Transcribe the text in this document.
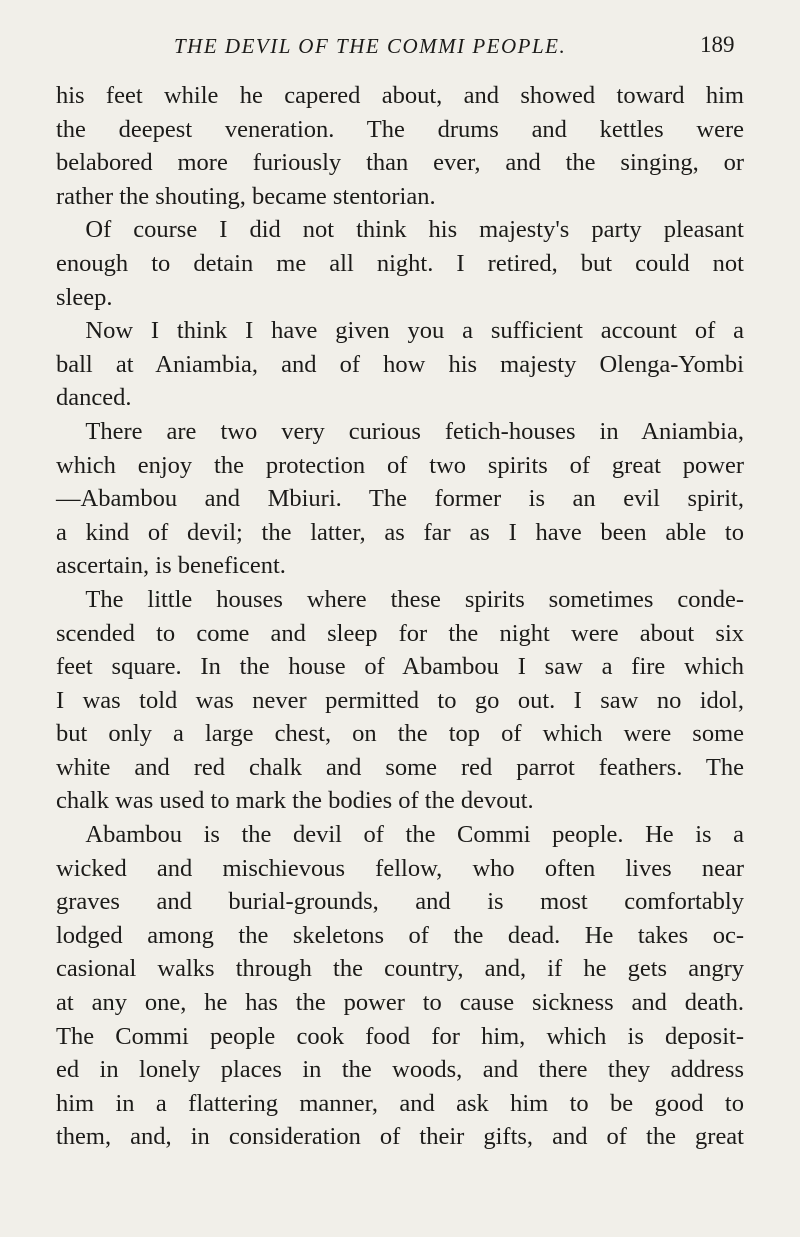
THE DEVIL OF THE COMMI PEOPLE.	189
his feet while he capered about, and showed toward him
the deepest veneration. The drums and kettles were
belabored more furiously than ever, and the singing, or
rather the shouting, became stentorian.
Of course I did not think his majesty's party pleasant
enough to detain me all night. I retired, but could not
sleep.
Now I think I have given you a sufficient account of a
ball at Aniambia, and of how his majesty Olenga-Yombi
danced.
There are two very curious fetich-houses in Aniambia,
which enjoy the protection of two spirits of great power
—Abambou and Mbiuri. The former is an evil spirit,
a kind of devil; the latter, as far as I have been able to
ascertain, is beneficent.
The little houses where these spirits sometimes conde-
scended to come and sleep for the night were about six
feet square. In the house of Abambou I saw a fire which
I was told was never permitted to go out. I saw no idol,
but only a large chest, on the top of which were some
white and red chalk and some red parrot feathers. The
chalk was used to mark the bodies of the devout.
Abambou is the devil of the Commi people. He is a
wicked and mischievous fellow, who often lives near
graves and burial-grounds, and is most comfortably
lodged among the skeletons of the dead. He takes oc-
casional walks through the country, and, if he gets angry
at any one, he has the power to cause sickness and death.
The Commi people cook food for him, which is deposit-
ed in lonely places in the woods, and there they address
him in a flattering manner, and ask him to be good to
them, and, in consideration of their gifts, and of the great
